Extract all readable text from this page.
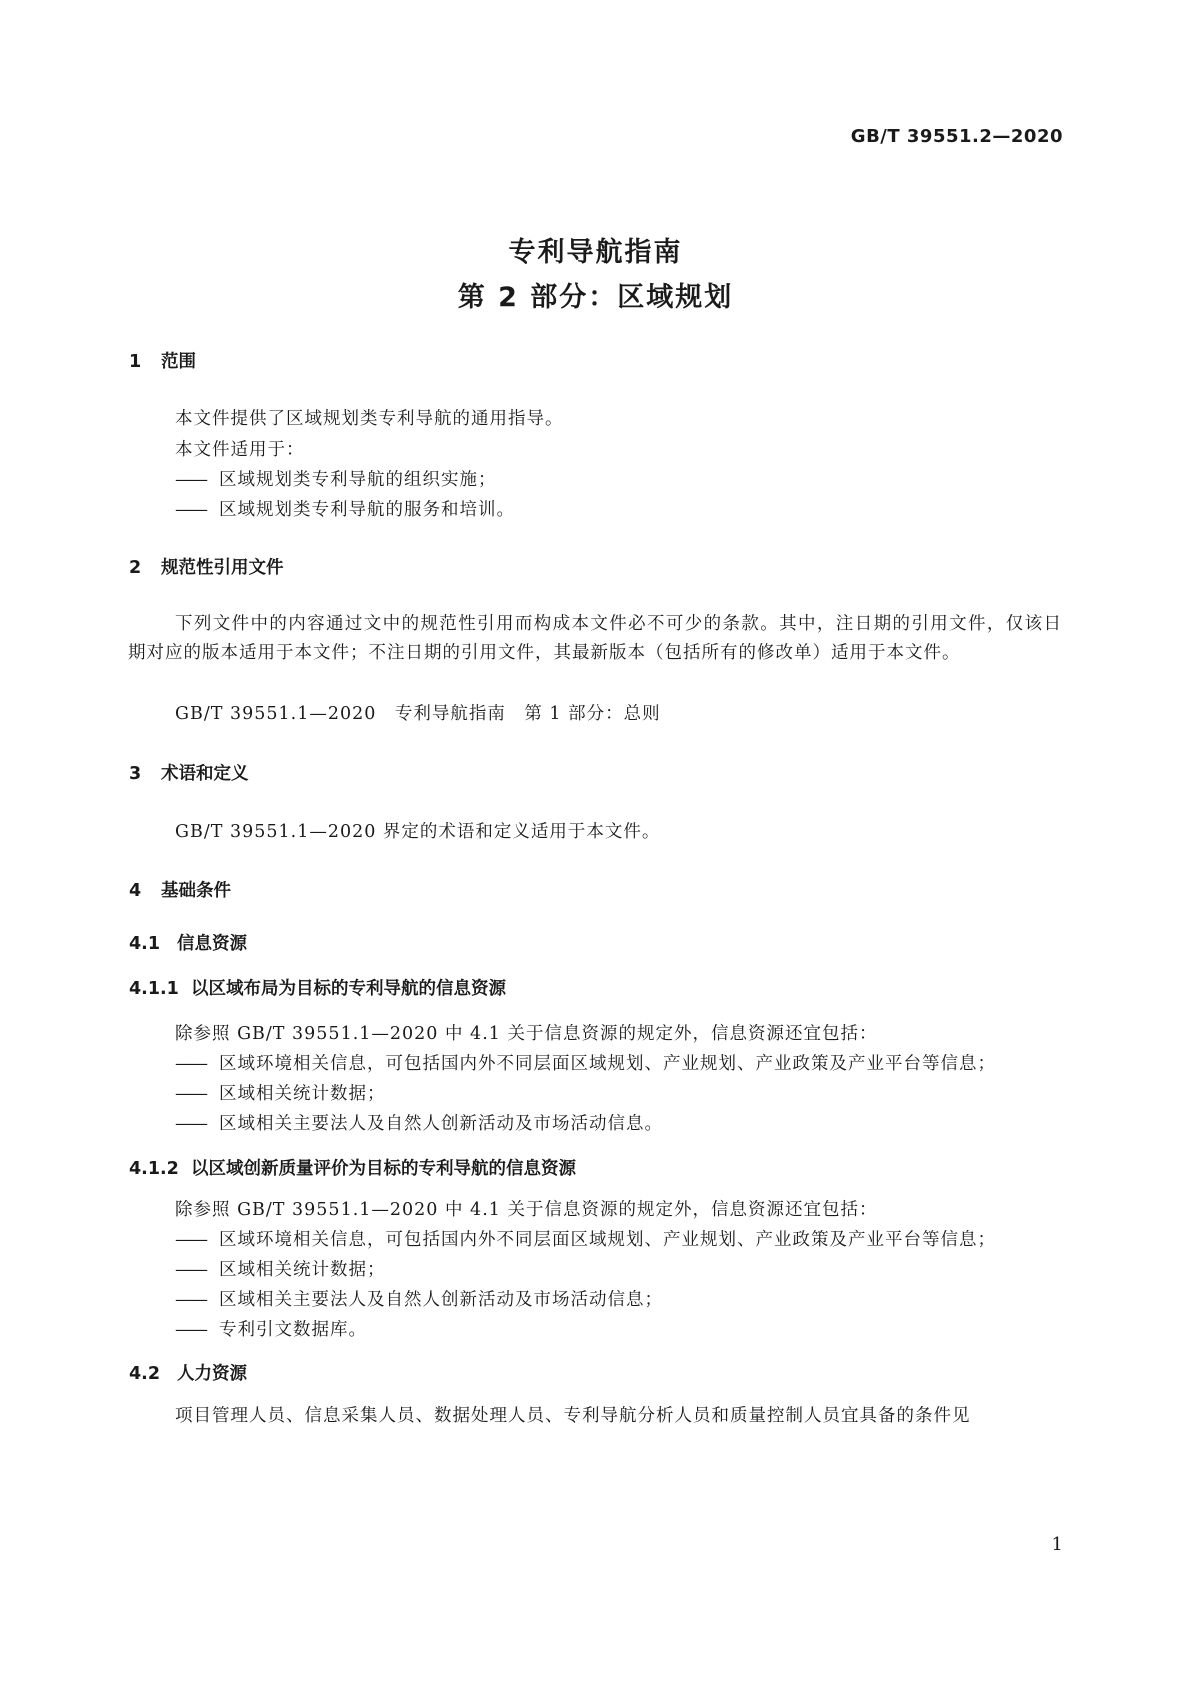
GB/T 39551.2—2020
专利导航指南
第 2 部分：区域规划
1 范围
本文件提供了区域规划类专利导航的通用指导。
本文件适用于：
—— 区域规划类专利导航的组织实施；
—— 区域规划类专利导航的服务和培训。
2 规范性引用文件
下列文件中的内容通过文中的规范性引用而构成本文件必不可少的条款。其中，注日期的引用文件，仅该日期对应的版本适用于本文件；不注日期的引用文件，其最新版本（包括所有的修改单）适用于本文件。
GB/T 39551.1—2020　专利导航指南　第 1 部分：总则
3 术语和定义
GB/T 39551.1—2020 界定的术语和定义适用于本文件。
4 基础条件
4.1 信息资源
4.1.1 以区域布局为目标的专利导航的信息资源
除参照 GB/T 39551.1—2020 中 4.1 关于信息资源的规定外，信息资源还宜包括：
—— 区域环境相关信息，可包括国内外不同层面区域规划、产业规划、产业政策及产业平台等信息；
—— 区域相关统计数据；
—— 区域相关主要法人及自然人创新活动及市场活动信息。
4.1.2 以区域创新质量评价为目标的专利导航的信息资源
除参照 GB/T 39551.1—2020 中 4.1 关于信息资源的规定外，信息资源还宜包括：
—— 区域环境相关信息，可包括国内外不同层面区域规划、产业规划、产业政策及产业平台等信息；
—— 区域相关统计数据；
—— 区域相关主要法人及自然人创新活动及市场活动信息；
—— 专利引文数据库。
4.2 人力资源
项目管理人员、信息采集人员、数据处理人员、专利导航分析人员和质量控制人员宜具备的条件见
1
